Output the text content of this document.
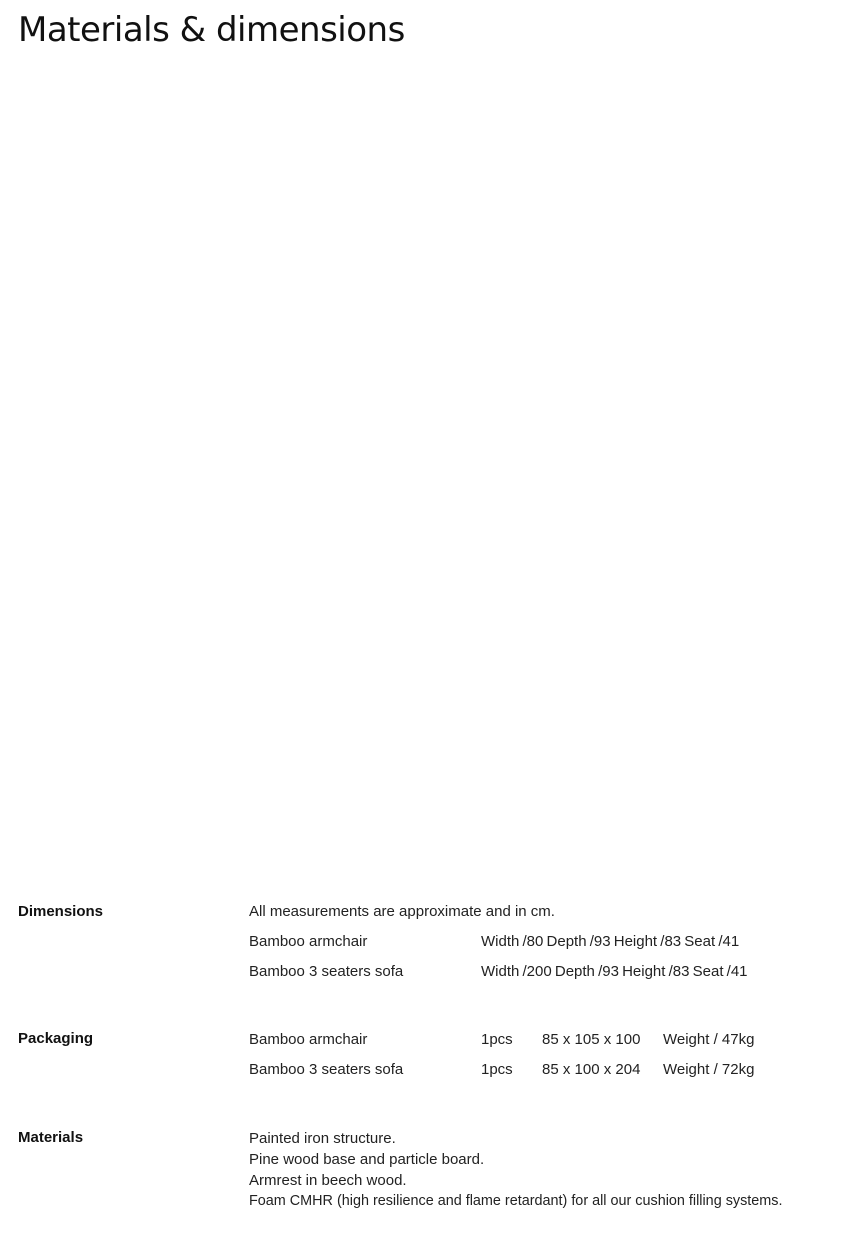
Materials & dimensions
Dimensions	All measurements are approximate and in cm.
Bamboo armchair	Width /80 Depth /93 Height /83 Seat /41
Bamboo 3 seaters sofa	Width /200 Depth /93 Height /83 Seat /41
Packaging	Bamboo armchair	1pcs 85 x 105 x 100 Weight / 47kg
Bamboo 3 seaters sofa	1pcs 85 x 100 x 204 Weight / 72kg
Materials	Painted iron structure.
Pine wood base and particle board.
Armrest in beech wood.
Foam CMHR (high resilience and flame retardant) for all our cushion filling systems.
